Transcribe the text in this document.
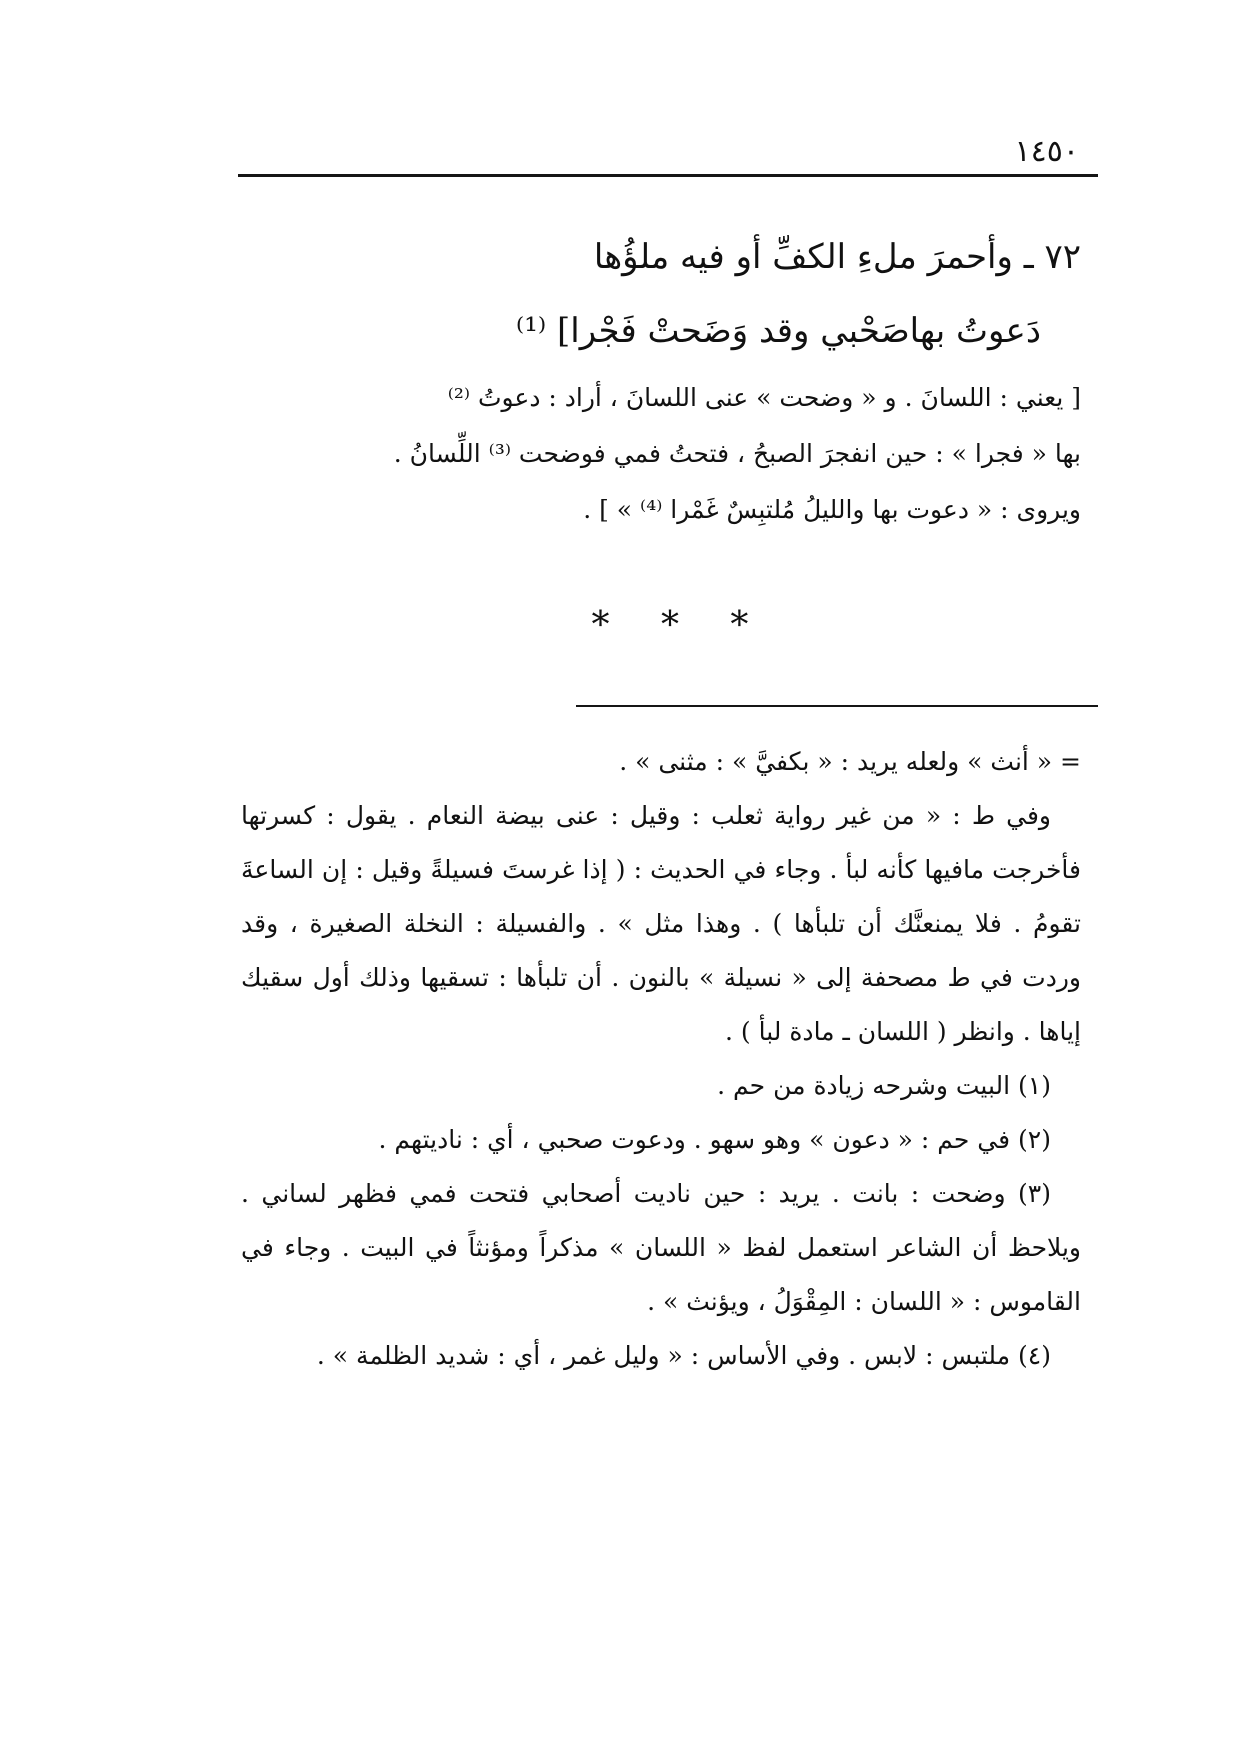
١٤٥٠
٧٢ ـ وأحمرَ ملءِ الكفِّ أو فيه ملؤُها
دَعوتُ بهاصَحْبي وقد وَضَحتْ فَجْرا] ⁽¹⁾

[ يعني : اللسانَ . و « وضحت » عنى اللسانَ ، أراد : دعوتُ ⁽²⁾

بها « فجرا » : حين انفجرَ الصبحُ ، فتحتُ فمي فوضحت ⁽³⁾ اللِّسانُ .

ويروى : « دعوت بها والليلُ مُلتبِسٌ غَمْرا ⁽⁴⁾ » ] .

* * *

= « أنث » ولعله يريد : « بكفيَّ » : مثنى » .

وفي ط : « من غير رواية ثعلب : وقيل : عنى بيضة النعام . يقول : كسرتها فأخرجت مافيها كأنه لبأ . وجاء في الحديث : ( إذا غرستَ فسيلةً وقيل : إن الساعةَ تقومُ . فلا يمنعنَّك أن تلبأها ) . وهذا مثل » . والفسيلة : النخلة الصغيرة ، وقد وردت في ط مصحفة إلى « نسيلة » بالنون . أن تلبأها : تسقيها وذلك أول سقيك إياها . وانظر ( اللسان ـ مادة لبأ ) .

(١) البيت وشرحه زيادة من حم .

(٢) في حم : « دعون » وهو سهو . ودعوت صحبي ، أي : ناديتهم .

(٣) وضحت : بانت . يريد : حين ناديت أصحابي فتحت فمي فظهر لساني . ويلاحظ أن الشاعر استعمل لفظ « اللسان » مذكراً ومؤنثاً في البيت . وجاء في القاموس : « اللسان : المِقْوَلُ ، ويؤنث » .

(٤) ملتبس : لابس . وفي الأساس : « وليل غمر ، أي : شديد الظلمة » .
